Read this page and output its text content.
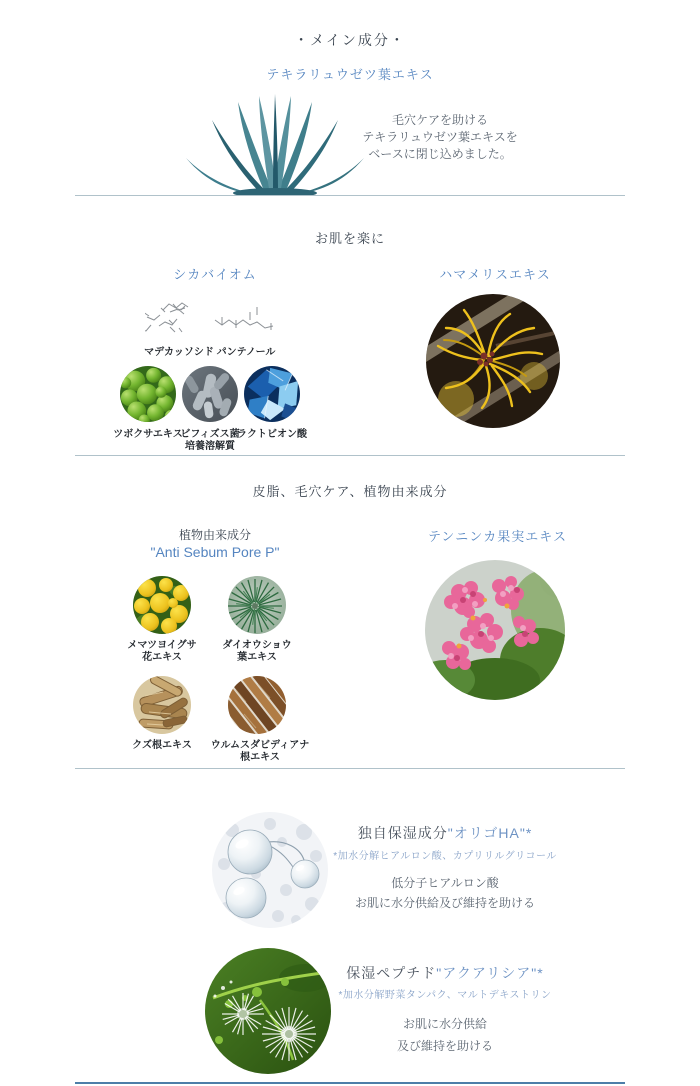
・メイン成分・
テキラリュウゼツ葉エキス
毛穴ケアを助ける
テキラリュウゼツ葉エキスを
ベースに閉じ込めました。
お肌を楽に
シカバイオム	ハマメリスエキス
マデカッソシド パンテノール
ツボクサエキス
ビフィズス菌
培養溶解質
ラクトビオン酸
皮脂、毛穴ケア、植物由来成分
植物由来成分
"Anti Sebum Pore P"
テンニンカ果実エキス
メマツヨイグサ
花エキス
ダイオウショウ
葉エキス
クズ根エキス	ウルムスダビディアナ
根エキス
独自保湿成分"オリゴHA"*
*加水分解ヒアルロン酸、カプリリルグリコール
低分子ヒアルロン酸
お肌に水分供給及び維持を助ける
保湿ペプチド"アクアリシア"*
*加水分解野菜タンパク、マルトデキストリン
お肌に水分供給
及び維持を助ける
